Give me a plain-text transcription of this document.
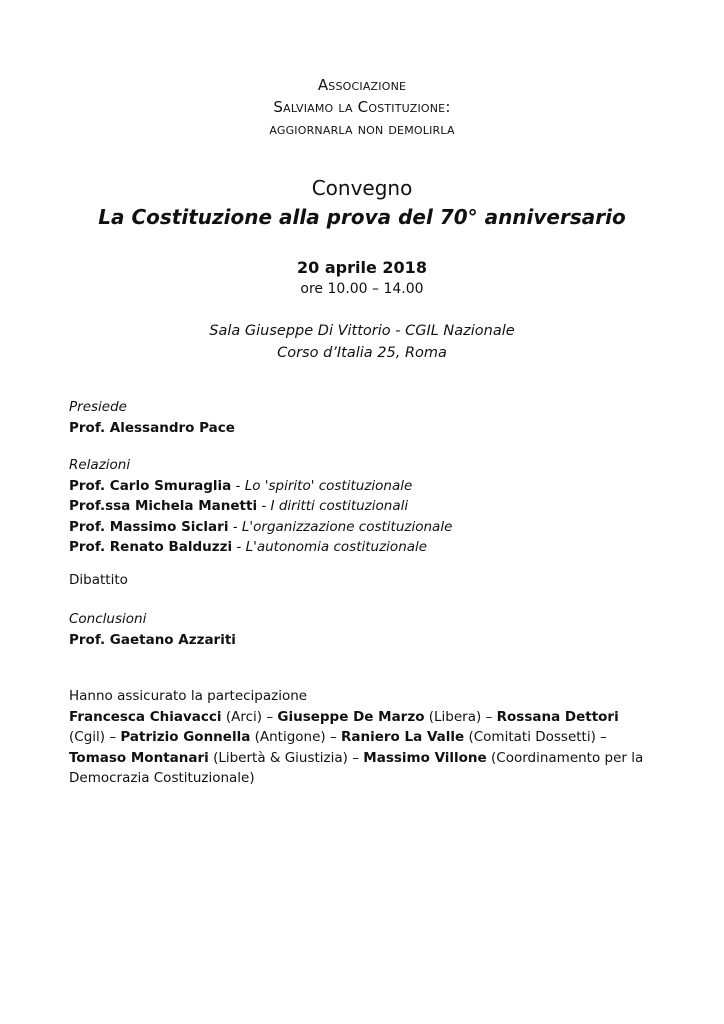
Associazione
Salviamo la Costituzione:
aggiornarla non demolirla
Convegno
La Costituzione alla prova del 70° anniversario
20 aprile 2018
ore 10.00 – 14.00
Sala Giuseppe Di Vittorio - CGIL Nazionale
Corso d’Italia 25, Roma
Presiede
Prof. Alessandro Pace
Relazioni
Prof. Carlo Smuraglia - Lo 'spirito' costituzionale
Prof.ssa Michela Manetti - I diritti costituzionali
Prof. Massimo Siclari - L'organizzazione costituzionale
Prof. Renato Balduzzi - L'autonomia costituzionale
Dibattito
Conclusioni
Prof. Gaetano Azzariti
Hanno assicurato la partecipazione
Francesca Chiavacci (Arci) – Giuseppe De Marzo (Libera) – Rossana Dettori (Cgil) – Patrizio Gonnella (Antigone) – Raniero La Valle (Comitati Dossetti) – Tomaso Montanari (Libertà & Giustizia) – Massimo Villone (Coordinamento per la Democrazia Costituzionale)
